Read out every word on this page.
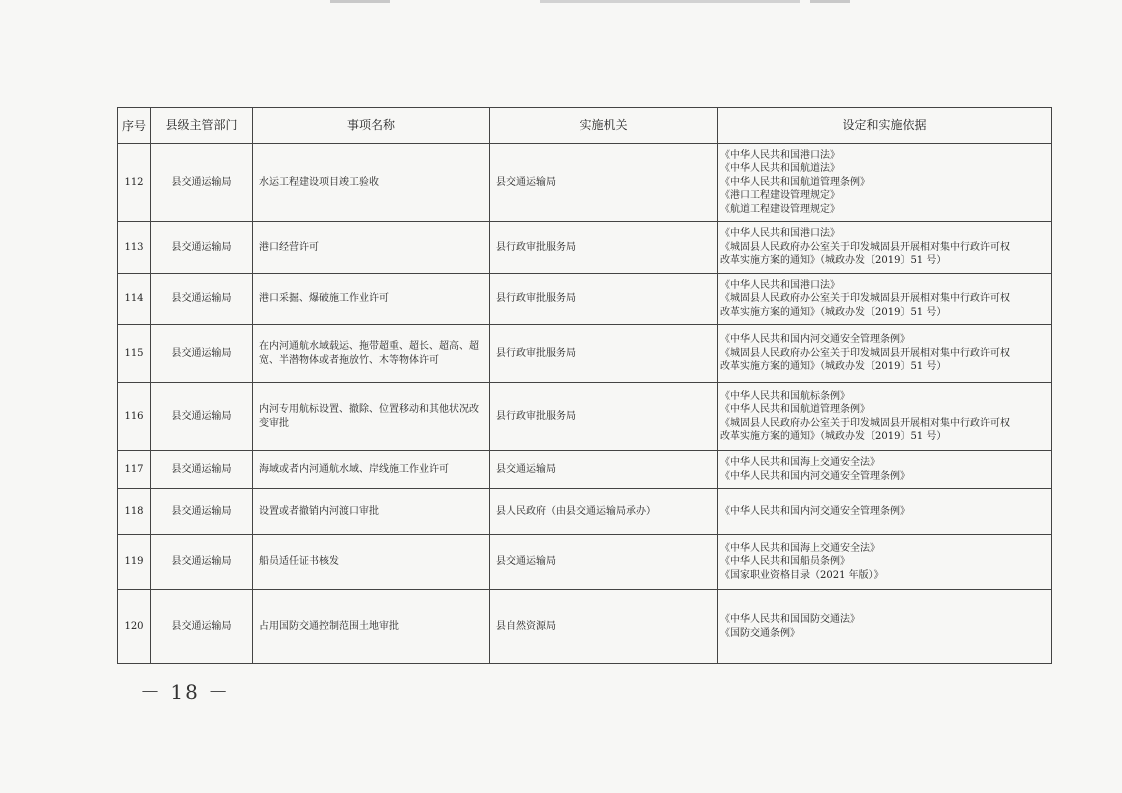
序号	县级主管部门	事项名称	实施机关	设定和实施依据
112	县交通运输局	水运工程建设项目竣工验收	县交通运输局	《中华人民共和国港口法》
《中华人民共和国航道法》
《中华人民共和国航道管理条例》
《港口工程建设管理规定》
《航道工程建设管理规定》

113	县交通运输局	港口经营许可	县行政审批服务局	《中华人民共和国港口法》
《城固县人民政府办公室关于印发城固县开展相对集中行政许可权
改革实施方案的通知》（城政办发〔2019〕51 号）

114	县交通运输局	港口采掘、爆破施工作业许可	县行政审批服务局	《中华人民共和国港口法》
《城固县人民政府办公室关于印发城固县开展相对集中行政许可权
改革实施方案的通知》（城政办发〔2019〕51 号）

115	县交通运输局	在内河通航水域载运、拖带超重、超长、超高、超宽、半潜物体或者拖放竹、木等物体许可	县行政审批服务局	《中华人民共和国内河交通安全管理条例》
《城固县人民政府办公室关于印发城固县开展相对集中行政许可权
改革实施方案的通知》（城政办发〔2019〕51 号）

116	县交通运输局	内河专用航标设置、撤除、位置移动和其他状况改变审批	县行政审批服务局	《中华人民共和国航标条例》
《中华人民共和国航道管理条例》
《城固县人民政府办公室关于印发城固县开展相对集中行政许可权
改革实施方案的通知》（城政办发〔2019〕51 号）

117	县交通运输局	海域或者内河通航水域、岸线施工作业许可	县交通运输局	《中华人民共和国海上交通安全法》
《中华人民共和国内河交通安全管理条例》

118	县交通运输局	设置或者撤销内河渡口审批	县人民政府（由县交通运输局承办）	《中华人民共和国内河交通安全管理条例》

119	县交通运输局	船员适任证书核发	县交通运输局	《中华人民共和国海上交通安全法》
《中华人民共和国船员条例》
《国家职业资格目录（2021 年版）》

120	县交通运输局	占用国防交通控制范围土地审批	县自然资源局	《中华人民共和国国防交通法》
《国防交通条例》
－ 18 －
